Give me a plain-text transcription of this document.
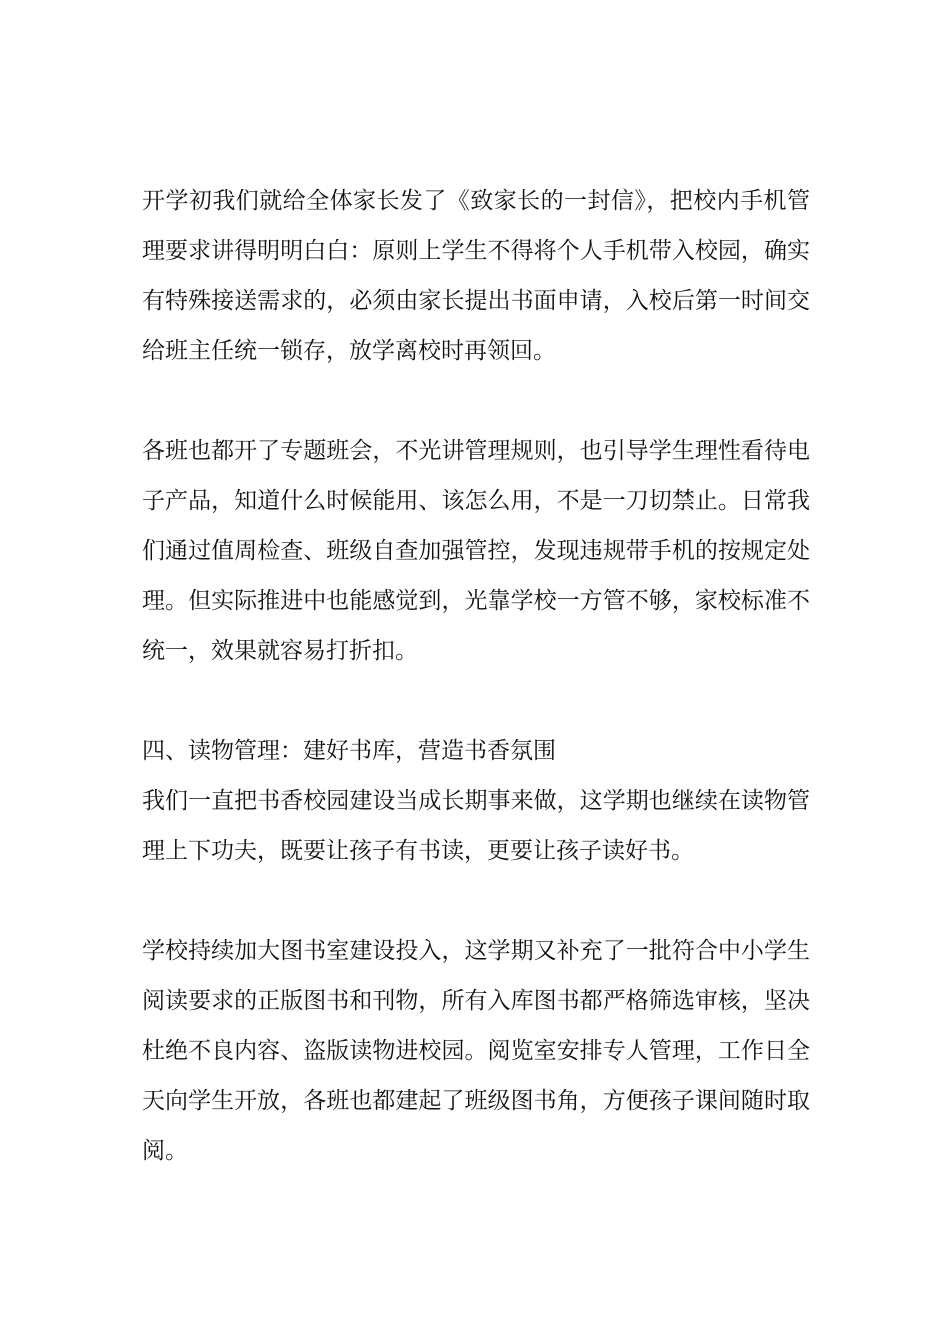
开学初我们就给全体家长发了《致家长的一封信》，把校内手机管理要求讲得明明白白：原则上学生不得将个人手机带入校园，确实有特殊接送需求的，必须由家长提出书面申请，入校后第一时间交给班主任统一锁存，放学离校时再领回。

各班也都开了专题班会，不光讲管理规则，也引导学生理性看待电子产品，知道什么时候能用、该怎么用，不是一刀切禁止。日常我们通过值周检查、班级自查加强管控，发现违规带手机的按规定处理。但实际推进中也能感觉到，光靠学校一方管不够，家校标准不统一，效果就容易打折扣。

四、读物管理：建好书库，营造书香氛围

我们一直把书香校园建设当成长期事来做，这学期也继续在读物管理上下功夫，既要让孩子有书读，更要让孩子读好书。

学校持续加大图书室建设投入，这学期又补充了一批符合中小学生阅读要求的正版图书和刊物，所有入库图书都严格筛选审核，坚决杜绝不良内容、盗版读物进校园。阅览室安排专人管理，工作日全天向学生开放，各班也都建起了班级图书角，方便孩子课间随时取阅。
